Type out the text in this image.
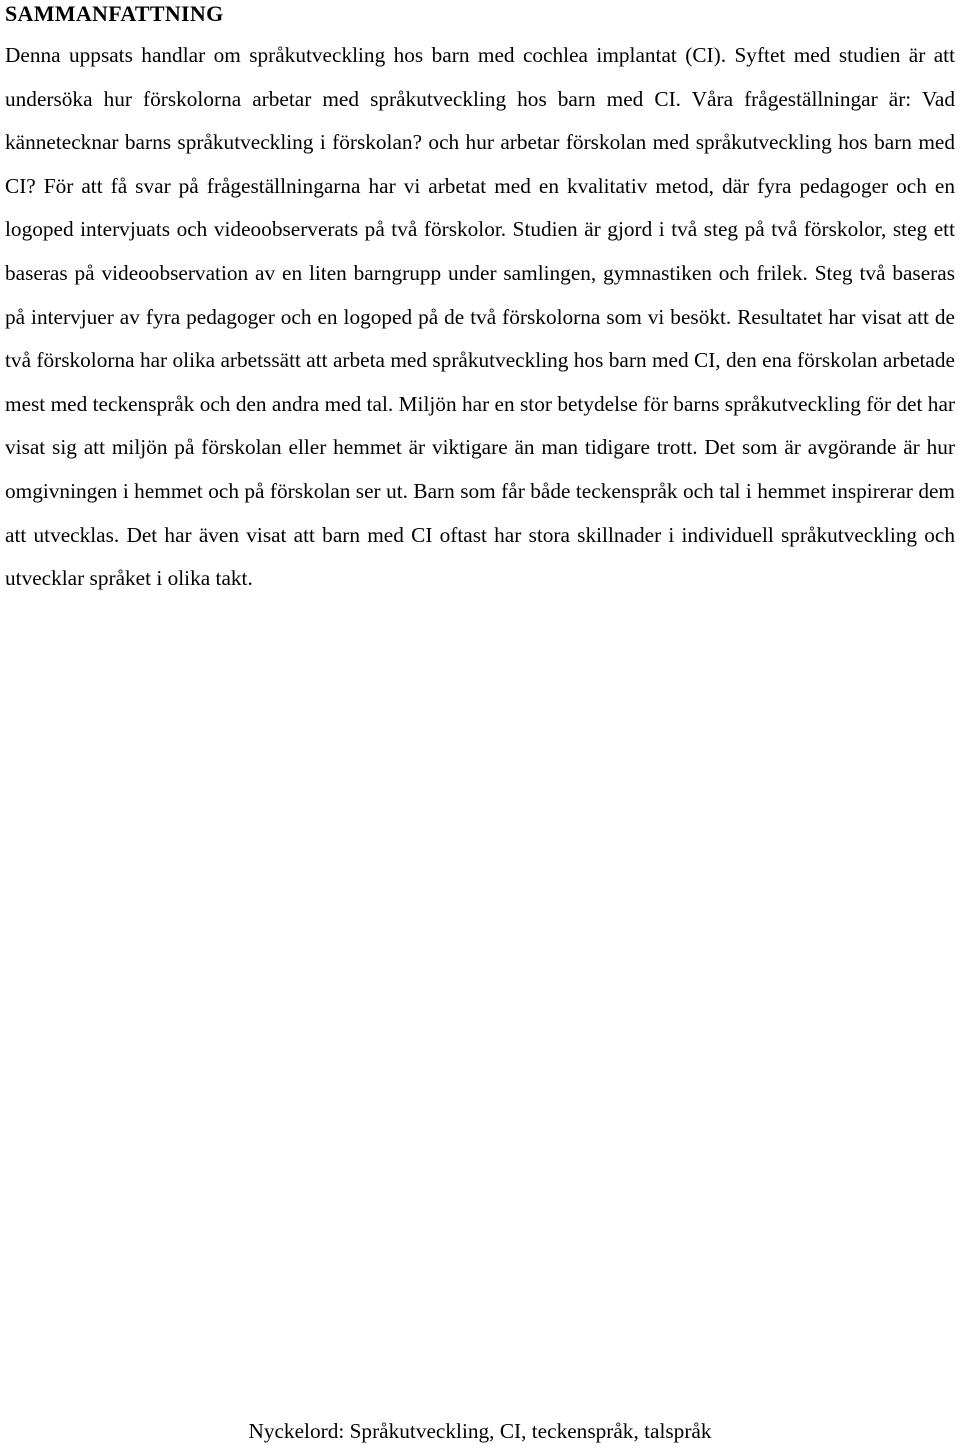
SAMMANFATTNING

Denna uppsats handlar om språkutveckling hos barn med cochlea implantat (CI). Syftet med studien är att undersöka hur förskolorna arbetar med språkutveckling hos barn med CI. Våra frågeställningar är: Vad kännetecknar barns språkutveckling i förskolan? och hur arbetar förskolan med språkutveckling hos barn med CI? För att få svar på frågeställningarna har vi arbetat med en kvalitativ metod, där fyra pedagoger och en logoped intervjuats och videoobserverats på två förskolor. Studien är gjord i två steg på två förskolor, steg ett baseras på videoobservation av en liten barngrupp under samlingen, gymnastiken och frilek. Steg två baseras på intervjuer av fyra pedagoger och en logoped på de två förskolorna som vi besökt. Resultatet har visat att de två förskolorna har olika arbetssätt att arbeta med språkutveckling hos barn med CI, den ena förskolan arbetade mest med teckenspråk och den andra med tal. Miljön har en stor betydelse för barns språkutveckling för det har visat sig att miljön på förskolan eller hemmet är viktigare än man tidigare trott. Det som är avgörande är hur omgivningen i hemmet och på förskolan ser ut. Barn som får både teckenspråk och tal i hemmet inspirerar dem att utvecklas. Det har även visat att barn med CI oftast har stora skillnader i individuell språkutveckling och utvecklar språket i olika takt.

Nyckelord: Språkutveckling, CI, teckenspråk, talspråk
